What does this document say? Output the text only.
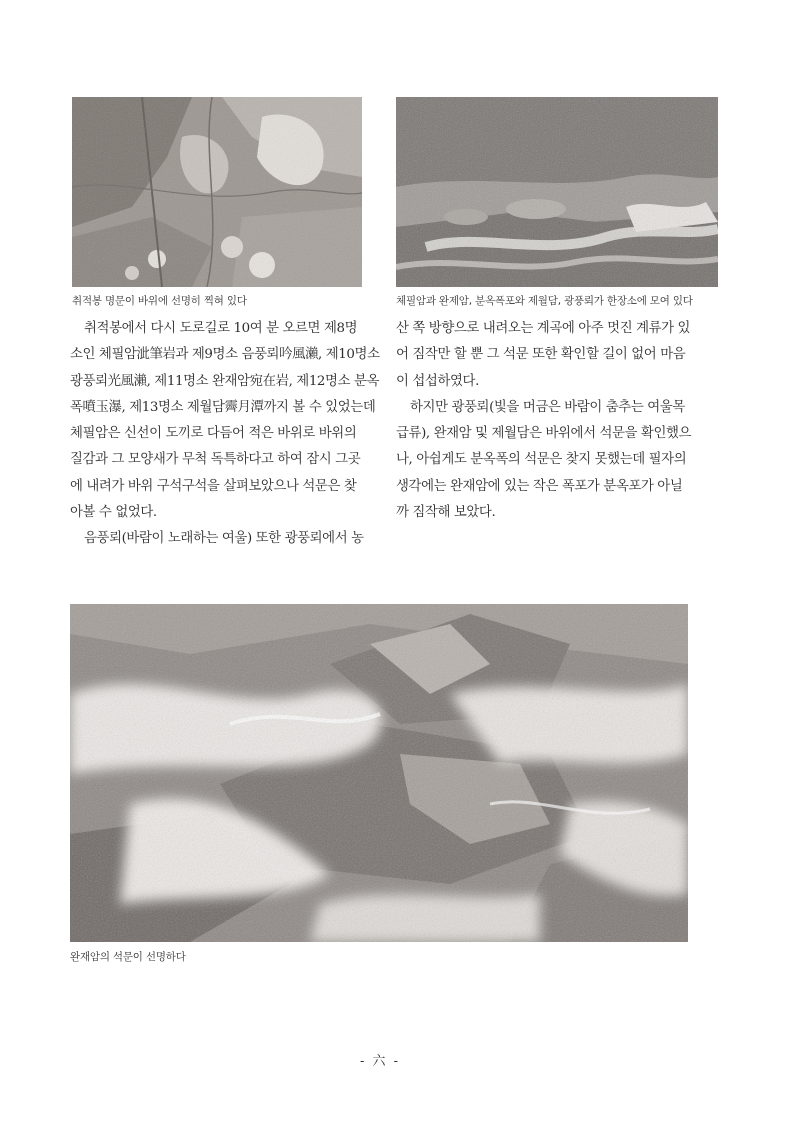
취적봉 명문이 바위에 선명히 찍혀 있다	체필암과 완제암, 분옥폭포와 제월담, 광풍뢰가 한장소에 모여 있다

취적봉에서 다시 도로길로 10여 분 오르면 제8명

소인 체필암泚筆岩과 제9명소 음풍뢰吟風瀨, 제10명소

광풍뢰光風瀨, 제11명소 완재암宛在岩, 제12명소 분옥

폭噴玉瀑, 제13명소 제월담霽月潭까지 볼 수 있었는데

체필암은 신선이 도끼로 다듬어 적은 바위로 바위의

질감과 그 모양새가 무척 독특하다고 하여 잠시 그곳

에 내려가 바위 구석구석을 살펴보았으나 석문은 찾

아볼 수 없었다.

음풍뢰(바람이 노래하는 여울) 또한 광풍뢰에서 농

산 쪽 방향으로 내려오는 계곡에 아주 멋진 계류가 있

어 짐작만 할 뿐 그 석문 또한 확인할 길이 없어 마음

이 섭섭하였다.

하지만 광풍뢰(빛을 머금은 바람이 춤추는 여울목

급류), 완재암 및 제월담은 바위에서 석문을 확인했으

나, 아쉽게도 분옥폭의 석문은 찾지 못했는데 필자의

생각에는 완재암에 있는 작은 폭포가 분옥포가 아닐

까 짐작해 보았다.

완재암의 석문이 선명하다
- 六 -
